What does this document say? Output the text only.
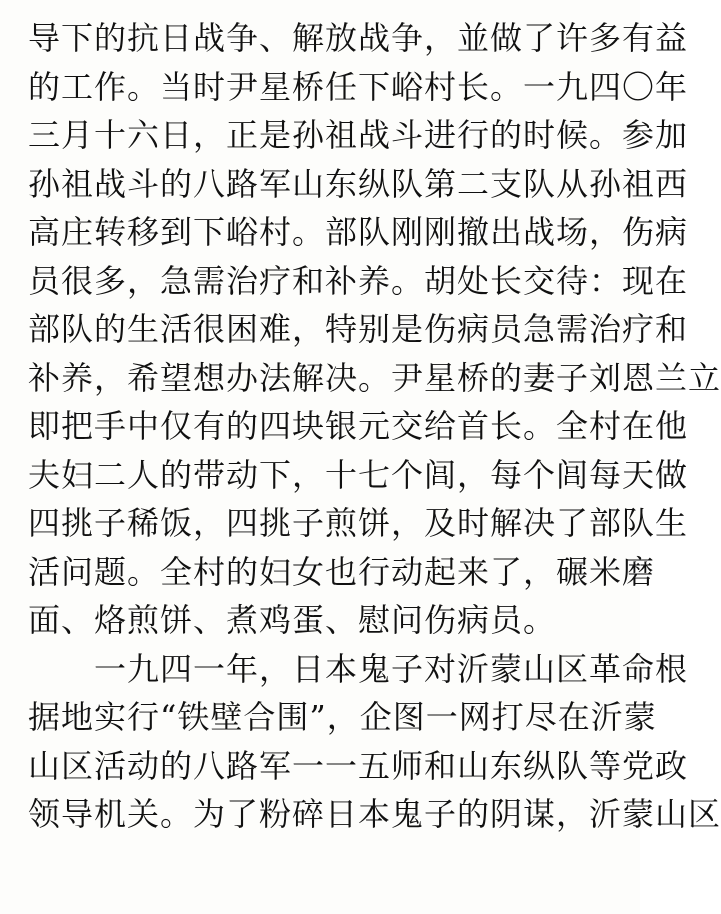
导下的抗日战争、解放战争，並做了许多有益
的工作。当时尹星桥任下峪村长。一九四〇年
三月十六日，正是孙祖战斗进行的时候。参加
孙祖战斗的八路军山东纵队第二支队从孙祖西
高庄转移到下峪村。部队刚刚撤出战场，伤病
员很多，急需治疗和补养。胡处长交待：现在
部队的生活很困难，特别是伤病员急需治疗和
补养，希望想办法解决。尹星桥的妻子刘恩兰立
即把手中仅有的四块银元交给首长。全村在他
夫妇二人的带动下，十七个闾，每个闾每天做
四挑子稀饭，四挑子煎饼，及时解决了部队生
活问题。全村的妇女也行动起来了，碾米磨
面、烙煎饼、煮鸡蛋、慰问伤病员。
一九四一年，日本鬼子对沂蒙山区革命根
据地实行“铁壁合围”，企图一网打尽在沂蒙
山区活动的八路军一一五师和山东纵队等党政
领导机关。为了粉碎日本鬼子的阴谋，沂蒙山区
